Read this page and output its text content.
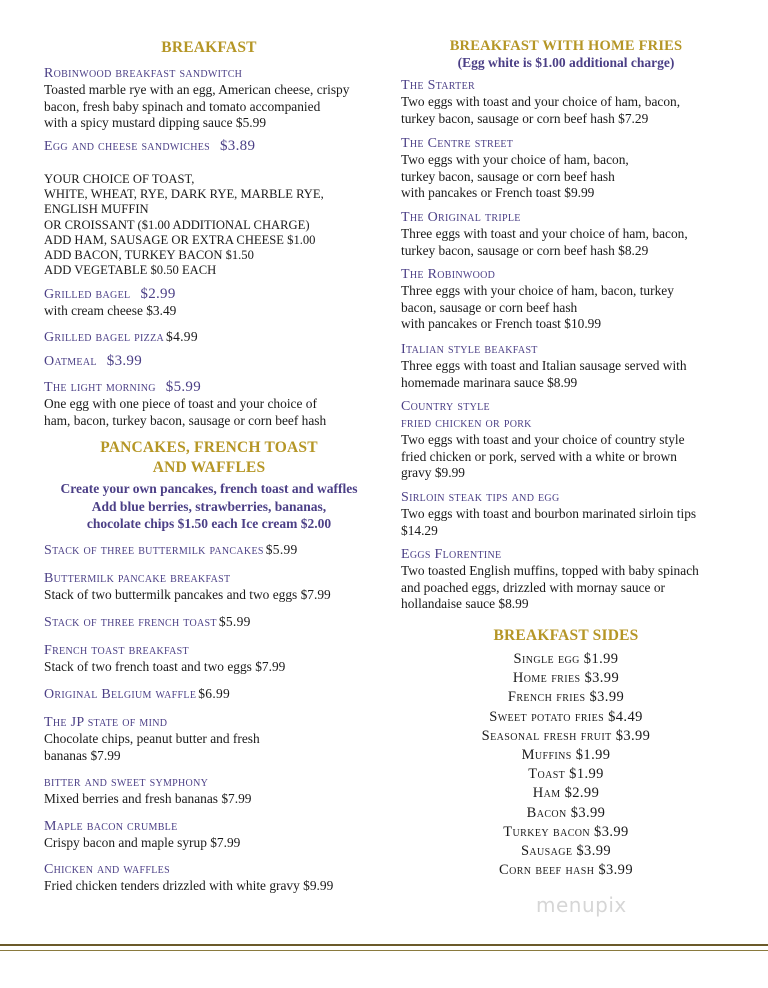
BREAKFAST
Robinwood breakfast sandwitch
Toasted marble rye with an egg, American cheese, crispy
bacon, fresh baby spinach and tomato accompanied
with a spicy mustard dipping sauce $5.99
Egg and cheese sandwiches $3.89
YOUR CHOICE OF TOAST,
WHITE, WHEAT, RYE, DARK RYE, MARBLE RYE,
ENGLISH MUFFIN
OR CROISSANT ($1.00 ADDITIONAL CHARGE)
ADD HAM, SAUSAGE OR EXTRA CHEESE $1.00
ADD BACON, TURKEY BACON $1.50
ADD VEGETABLE $0.50 EACH
Grilled bagel $2.99
with cream cheese $3.49
Grilled bagel pizza $4.99
Oatmeal $3.99
The light morning $5.99
One egg with one piece of toast and your choice of
ham, bacon, turkey bacon, sausage or corn beef hash
PANCAKES, FRENCH TOAST
AND WAFFLES
Create your own pancakes, french toast and waffles
Add blue berries, strawberries, bananas,
chocolate chips $1.50 each Ice cream $2.00
Stack of three buttermilk pancakes $5.99
Buttermilk pancake breakfast
Stack of two buttermilk pancakes and two eggs $7.99
Stack of three french toast $5.99
French toast breakfast
Stack of two french toast and two eggs $7.99
Original Belgium waffle $6.99
The JP state of mind
Chocolate chips, peanut butter and fresh
bananas $7.99
bitter and sweet symphony
Mixed berries and fresh bananas $7.99
Maple bacon crumble
Crispy bacon and maple syrup $7.99
Chicken and waffles
Fried chicken tenders drizzled with white gravy $9.99
BREAKFAST WITH HOME FRIES
(Egg white is $1.00 additional charge)
The Starter
Two eggs with toast and your choice of ham, bacon,
turkey bacon, sausage or corn beef hash $7.29
The Centre street
Two eggs with your choice of ham, bacon,
turkey bacon, sausage or corn beef hash
with pancakes or French toast $9.99
The Original triple
Three eggs with toast and your choice of ham, bacon,
turkey bacon, sausage or corn beef hash $8.29
The Robinwood
Three eggs with your choice of ham, bacon, turkey
bacon, sausage or corn beef hash
with pancakes or French toast $10.99
Italian style beakfast
Three eggs with toast and Italian sausage served with
homemade marinara sauce $8.99
Country style
fried chicken or pork
Two eggs with toast and your choice of country style
fried chicken or pork, served with a white or brown
gravy $9.99
Sirloin steak tips and egg
Two eggs with toast and bourbon marinated sirloin tips
$14.29
Eggs Florentine
Two toasted English muffins, topped with baby spinach
and poached eggs, drizzled with mornay sauce or
hollandaise sauce $8.99
BREAKFAST SIDES
Single egg $1.99
Home fries $3.99
French fries $3.99
Sweet potato fries $4.49
Seasonal fresh fruit $3.99
Muffins $1.99
Toast $1.99
Ham $2.99
Bacon $3.99
Turkey bacon $3.99
Sausage $3.99
Corn beef hash $3.99
menupix
